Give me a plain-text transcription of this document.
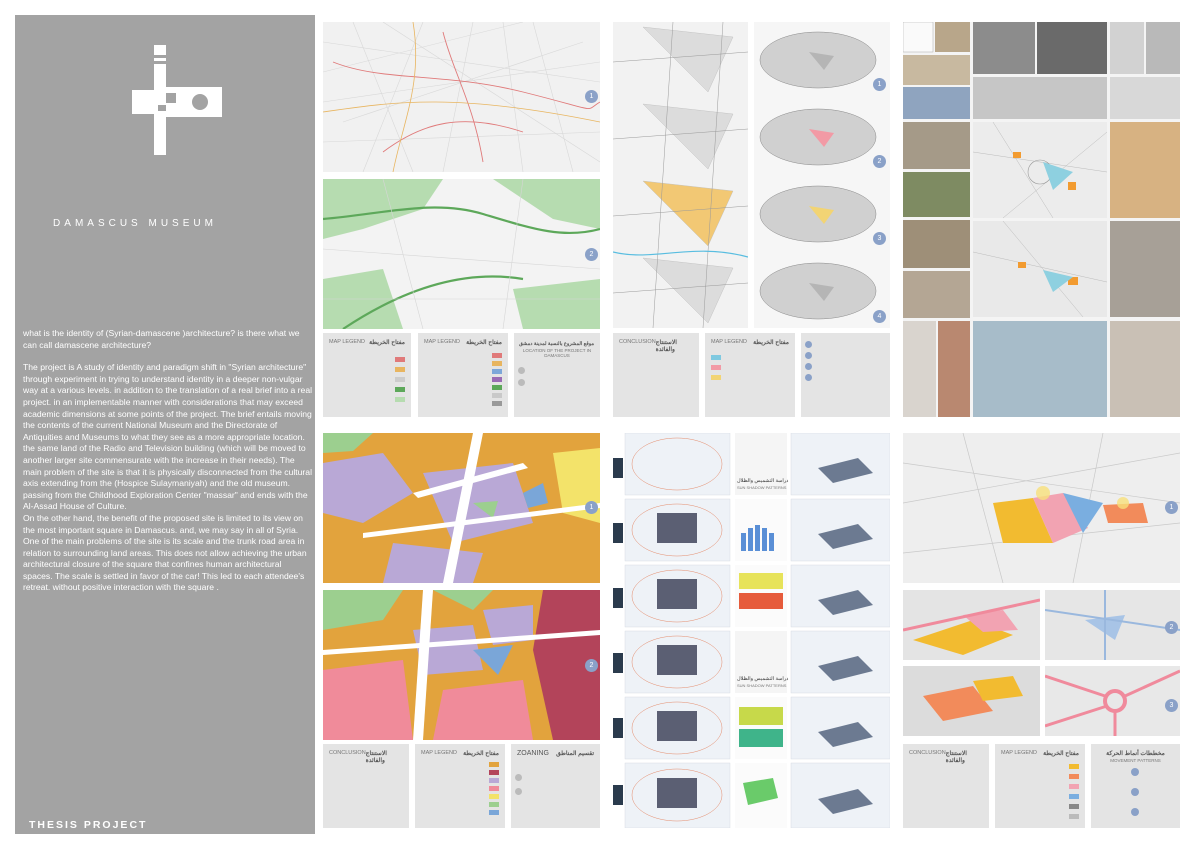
DAMASCUS MUSEUM

what is the identity of (Syrian-damascene )architecture? is there what we can call damascene architecture?

The project is A study of identity and paradigm shift in "Syrian architecture" through experiment in trying to understand identity in a deeper non-vulgar way at a various levels. in addition to the translation of a real brief into a real project. in an implementable manner with considerations that may exceed academic dimensions at some points of the project. The brief entails moving the contents of the current National Museum and the Directorate of Antiquities and Museums to what they see as a more appropriate location. the same land of the Radio and Television building (which will be moved to another larger site commensurate with the increase in their needs). The main problem of the site is that it is physically disconnected from the cultural axis extending from the (Hospice Sulaymaniyah) and the old museum. passing from the Childhood Exploration Center "massar" and ends with the Al-Assad House of Culture.

On the other hand, the benefit of the proposed site is limited to its view on the most important square in Damascus. and, we may say in all of Syria.

One of the main problems of the site is its scale and the trunk road area in relation to surrounding land areas. This does not allow achieving the urban architectural closure of the square that confines human architectural spaces. The scale is settled in favor of the car! This led to each attendee's retreat. without positive interaction with the square .

THESIS PROJECT
1
2
MAP LEGEND مفتاح الخريطة	MAP LEGEND مفتاح الخريطة	موقع المشروع بالنسبة لمدينة دمشق
LOCATION OF THE PROJECT IN DAMASCUS
1
2
3
4
CONCLUSION الاستنتاج والفائدة
MAP LEGEND مفتاح الخريطة
1
2
CONCLUSION الاستنتاج والفائدة
MAP LEGEND مفتاح الخريطة	ZOANING تقسيم المناطق
دراسة التشميس والظلال
SUN SHADOW PATTERNS
دراسة التشميس والظلال
SUN SHADOW PATTERNS
1
2
3
CONCLUSION الاستنتاج والفائدة
MAP LEGEND مفتاح الخريطة	مخططات أنماط الحركة
MOVEMENT PATTERNS
